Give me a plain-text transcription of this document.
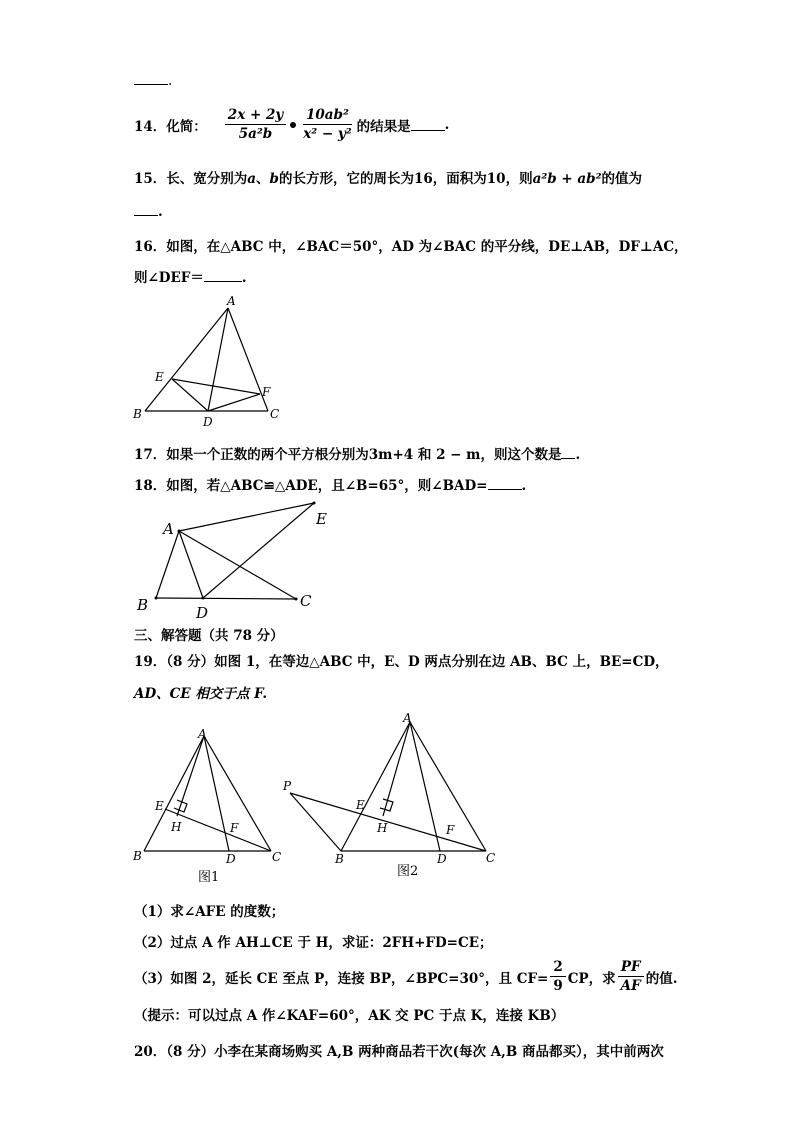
.
14．化简： $\frac{2x + 2y}{\text{5a²b}} \frac{\text{10ab²}}{\text{x² − y²}}$ 的结果是	.
15．长、宽分别为a、b的长方形，它的周长为16，面积为10，则a²b + ab²的值为
.
16．如图，在△ABC 中，∠BAC＝50°，AD 为∠BAC 的平分线，DE⊥AB，DF⊥AC，
则∠DEF＝	.
A
B	C
D
E
F
17．如果一个正数的两个平方根分别为3m+4 和 2 − m，则这个数是 .
18．如图，若△ABC≌△ADE，且∠B=65°，则∠BAD=	.
A
B	C
D
E
三、解答题（共 78 分）
19．（8 分）如图 1，在等边△ABC 中，E、D 两点分别在边 AB、BC 上，BE=CD，
AD、CE 相交于点 F.
A
B	C
D
E
F
H
图1
A
B	C
D
E
F
H
P
图2
（1）求∠AFE 的度数；
（2）过点 A 作 AH⊥CE 于 H，求证：2FH+FD=CE；
（3）如图 2，延长 CE 至点 P，连接 BP，∠BPC=30°，且 $CF= \frac{2}{9}$ CP，求 $\frac{PF}{AF}$ 的值.
（提示：可以过点 A 作∠KAF=60°，AK 交 PC 于点 K，连接 KB）
20．（8 分）小李在某商场购买 A,B 两种商品若干次(每次 A,B 商品都买），其中前两次
